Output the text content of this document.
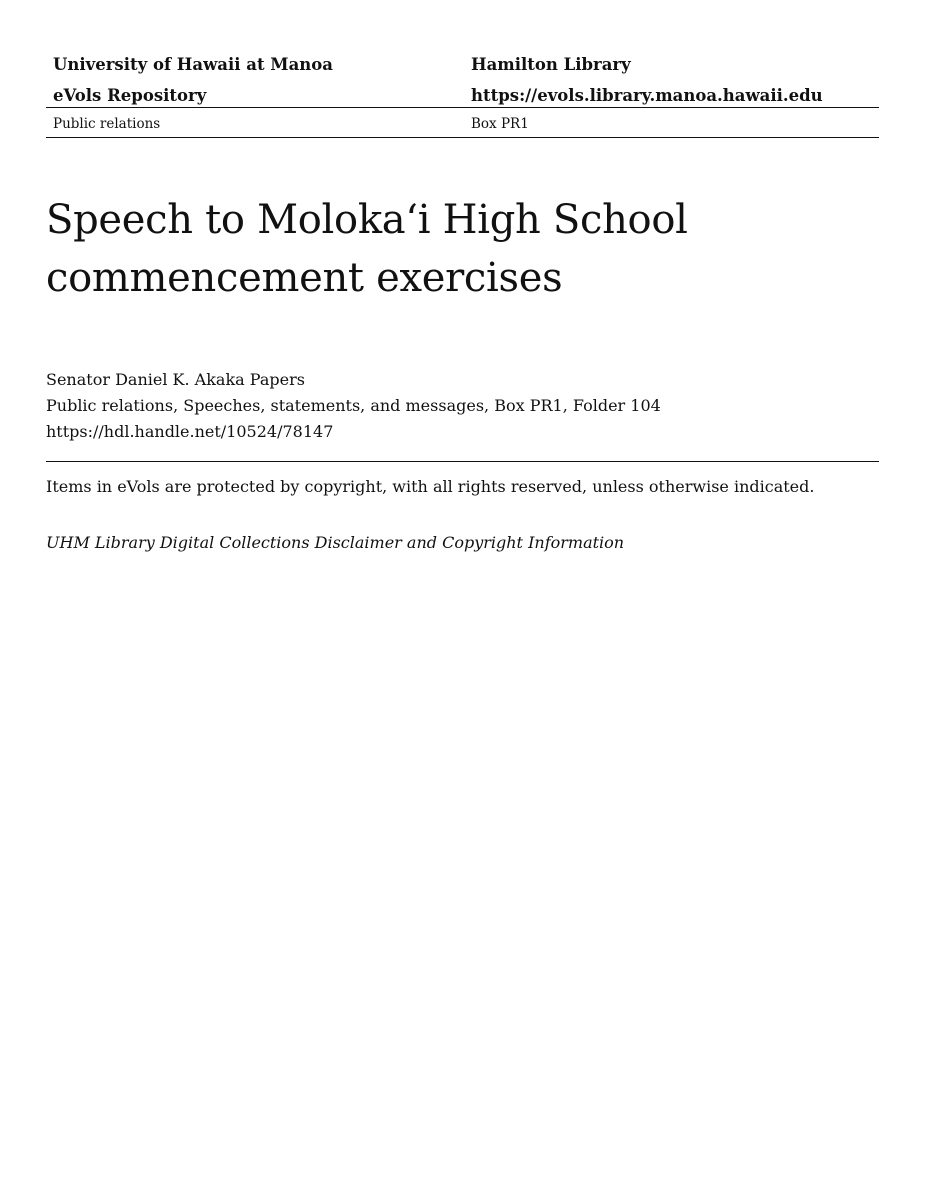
University of Hawaii at Manoa	Hamilton Library
eVols Repository	https://evols.library.manoa.hawaii.edu
Public relations	Box PR1
Speech to Moloka‘i High School commencement exercises
Senator Daniel K. Akaka Papers
Public relations, Speeches, statements, and messages, Box PR1, Folder 104
https://hdl.handle.net/10524/78147
Items in eVols are protected by copyright, with all rights reserved, unless otherwise indicated.
UHM Library Digital Collections Disclaimer and Copyright Information
